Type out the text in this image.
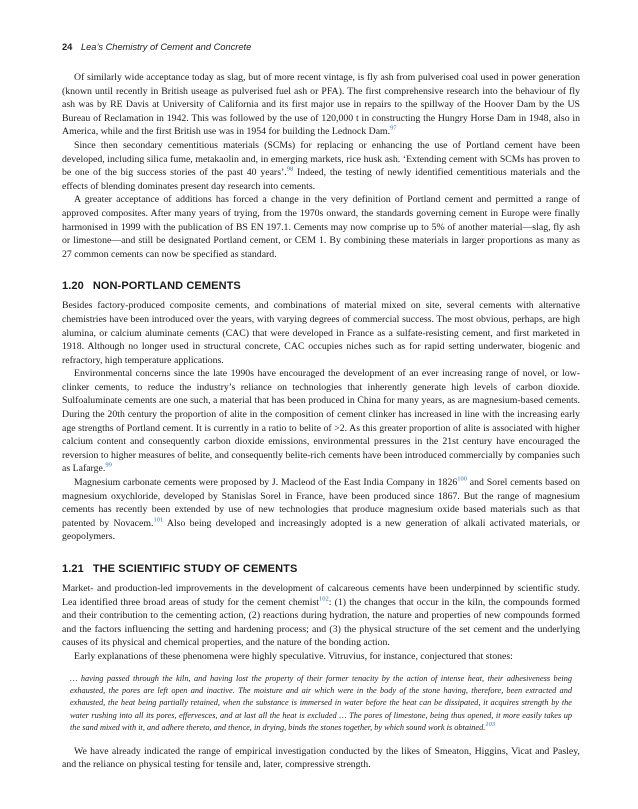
24 Lea’s Chemistry of Cement and Concrete

Of similarly wide acceptance today as slag, but of more recent vintage, is fly ash from pulverised coal used in power generation (known until recently in British useage as pulverised fuel ash or PFA). The first comprehensive research into the behaviour of fly ash was by RE Davis at University of California and its first major use in repairs to the spillway of the Hoover Dam by the US Bureau of Reclamation in 1942. This was followed by the use of 120,000 t in constructing the Hungry Horse Dam in 1948, also in America, while and the first British use was in 1954 for building the Lednock Dam.$^{97}$

Since then secondary cementitious materials (SCMs) for replacing or enhancing the use of Portland cement have been developed, including silica fume, metakaolin and, in emerging markets, rice husk ash. ‘Extending cement with SCMs has proven to be one of the big success stories of the past 40 years’.$^{98}$ Indeed, the testing of newly identified cementitious materials and the effects of blending dominates present day research into cements.

A greater acceptance of additions has forced a change in the very definition of Portland cement and permitted a range of approved composites. After many years of trying, from the 1970s onward, the standards governing cement in Europe were finally harmonised in 1999 with the publication of BS EN 197.1. Cements may now comprise up to 5% of another material—slag, fly ash or limestone—and still be designated Portland cement, or CEM 1. By combining these materials in larger proportions as many as 27 common cements can now be specified as standard.

1.20 NON-PORTLAND CEMENTS

Besides factory-produced composite cements, and combinations of material mixed on site, several cements with alternative chemistries have been introduced over the years, with varying degrees of commercial success. The most obvious, perhaps, are high alumina, or calcium aluminate cements (CAC) that were developed in France as a sulfate-resisting cement, and first marketed in 1918. Although no longer used in structural concrete, CAC occupies niches such as for rapid setting underwater, biogenic and refractory, high temperature applications.

Environmental concerns since the late 1990s have encouraged the development of an ever increasing range of novel, or low-clinker cements, to reduce the industry’s reliance on technologies that inherently generate high levels of carbon dioxide. Sulfoaluminate cements are one such, a material that has been produced in China for many years, as are magnesium-based cements. During the 20th century the proportion of alite in the composition of cement clinker has increased in line with the increasing early age strengths of Portland cement. It is currently in a ratio to belite of >2. As this greater proportion of alite is associated with higher calcium content and consequently carbon dioxide emissions, environmental pressures in the 21st century have encouraged the reversion to higher measures of belite, and consequently belite-rich cements have been introduced commercially by companies such as Lafarge.$^{99}$

Magnesium carbonate cements were proposed by J. Macleod of the East India Company in 1826$^{100}$ and Sorel cements based on magnesium oxychloride, developed by Stanislas Sorel in France, have been produced since 1867. But the range of magnesium cements has recently been extended by use of new technologies that produce magnesium oxide based materials such as that patented by Novacem.$^{101}$ Also being developed and increasingly adopted is a new generation of alkali activated materials, or geopolymers.

1.21 THE SCIENTIFIC STUDY OF CEMENTS

Market- and production-led improvements in the development of calcareous cements have been underpinned by scientific study. Lea identified three broad areas of study for the cement chemist$^{102}$: (1) the changes that occur in the kiln, the compounds formed and their contribution to the cementing action, (2) reactions during hydration, the nature and properties of new compounds formed and the factors influencing the setting and hardening process; and (3) the physical structure of the set cement and the underlying causes of its physical and chemical properties, and the nature of the bonding action.

Early explanations of these phenomena were highly speculative. Vitruvius, for instance, conjectured that stones:

… having passed through the kiln, and having lost the property of their former tenacity by the action of intense heat, their adhesiveness being exhausted, the pores are left open and inactive. The moisture and air which were in the body of the stone having, therefore, been extracted and exhausted, the heat being partially retained, when the substance is immersed in water before the heat can be dissipated, it acquires strength by the water rushing into all its pores, effervesces, and at last all the heat is excluded … The pores of limestone, being thus opened, it more easily takes up the sand mixed with it, and adhere thereto, and thence, in drying, binds the stones together, by which sound work is obtained.$^{103}$

We have already indicated the range of empirical investigation conducted by the likes of Smeaton, Higgins, Vicat and Pasley, and the reliance on physical testing for tensile and, later, compressive strength.
